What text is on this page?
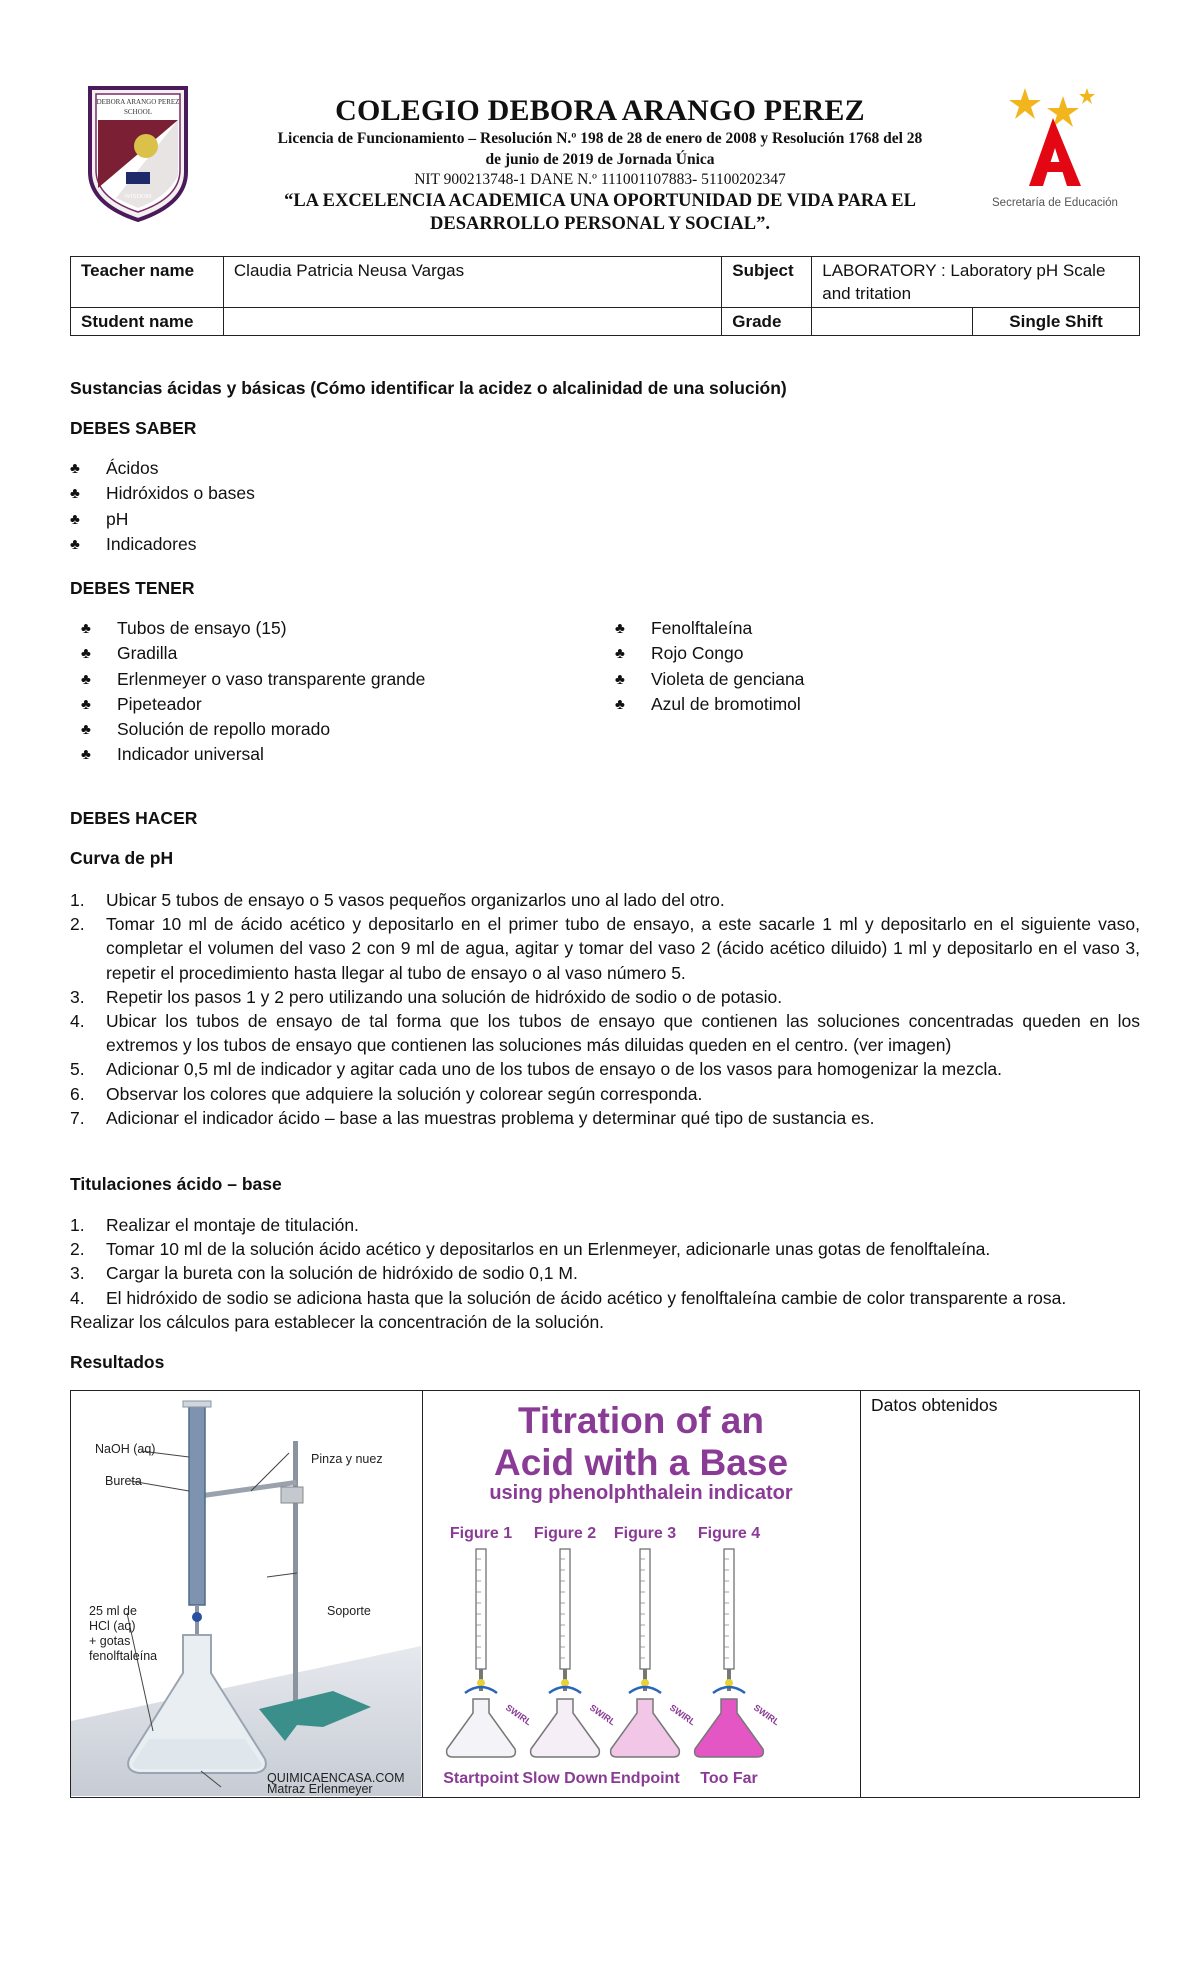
DEBORA ARANGO PEREZ
SCHOOL
WISDOM
COLEGIO DEBORA ARANGO PEREZ
Licencia de Funcionamiento – Resolución N.º 198 de 28 de enero de 2008 y Resolución 1768 del 28
de junio de 2019 de Jornada Única
NIT 900213748-1 DANE N.º 111001107883- 51100202347
“LA EXCELENCIA ACADEMICA UNA OPORTUNIDAD DE VIDA PARA EL
DESARROLLO PERSONAL Y SOCIAL”.
Secretaría de Educación
Teacher name	Claudia Patricia Neusa Vargas	Subject	LABORATORY : Laboratory pH Scale
and tritation	
Student name		Grade		Single Shift
Sustancias ácidas y básicas (Cómo identificar la acidez o alcalinidad de una solución)
DEBES SABER
♣ Ácidos
♣ Hidróxidos o bases
♣ pH
♣ Indicadores
DEBES TENER
♣ Tubos de ensayo (15)
♣ Gradilla
♣ Erlenmeyer o vaso transparente grande
♣ Pipeteador
♣ Solución de repollo morado
♣ Indicador universal
♣ Fenolftaleína
♣ Rojo Congo
♣ Violeta de genciana
♣ Azul de bromotimol
DEBES HACER
Curva de pH
1. Ubicar 5 tubos de ensayo o 5 vasos pequeños organizarlos uno al lado del otro.
2. Tomar 10 ml de ácido acético y depositarlo en el primer tubo de ensayo, a este sacarle 1 ml y depositarlo en el siguiente vaso, completar el volumen del vaso 2 con 9 ml de agua, agitar y tomar del vaso 2 (ácido acético diluido) 1 ml y depositarlo en el vaso 3, repetir el procedimiento hasta llegar al tubo de ensayo o al vaso número 5.
3. Repetir los pasos 1 y 2 pero utilizando una solución de hidróxido de sodio o de potasio.
4. Ubicar los tubos de ensayo de tal forma que los tubos de ensayo que contienen las soluciones concentradas queden en los extremos y los tubos de ensayo que contienen las soluciones más diluidas queden en el centro. (ver imagen)
5. Adicionar 0,5 ml de indicador y agitar cada uno de los tubos de ensayo o de los vasos para homogenizar la mezcla.
6. Observar los colores que adquiere la solución y colorear según corresponda.
7. Adicionar el indicador ácido – base a las muestras problema y determinar qué tipo de sustancia es.
Titulaciones ácido – base
1. Realizar el montaje de titulación.
2. Tomar 10 ml de la solución ácido acético y depositarlos en un Erlenmeyer, adicionarle unas gotas de fenolftaleína.
3. Cargar la bureta con la solución de hidróxido de sodio 0,1 M.
4. El hidróxido de sodio se adiciona hasta que la solución de ácido acético y fenolftaleína cambie de color transparente a rosa.
Realizar los cálculos para establecer la concentración de la solución.
Resultados
NaOH (aq)
Bureta
Pinza y nuez
Soporte
25 ml de
HCl (aq)
+ gotas
fenolftaleína
QUIMICAENCASA.COM
Matraz Erlenmeyer
Titration of an
Acid with a Base
using phenolphthalein indicator
Figure 1
SWIRL
Startpoint
Figure 2
SWIRL
Slow Down
Figure 3
SWIRL
Endpoint
Figure 4
SWIRL
Too Far
Datos obtenidos
